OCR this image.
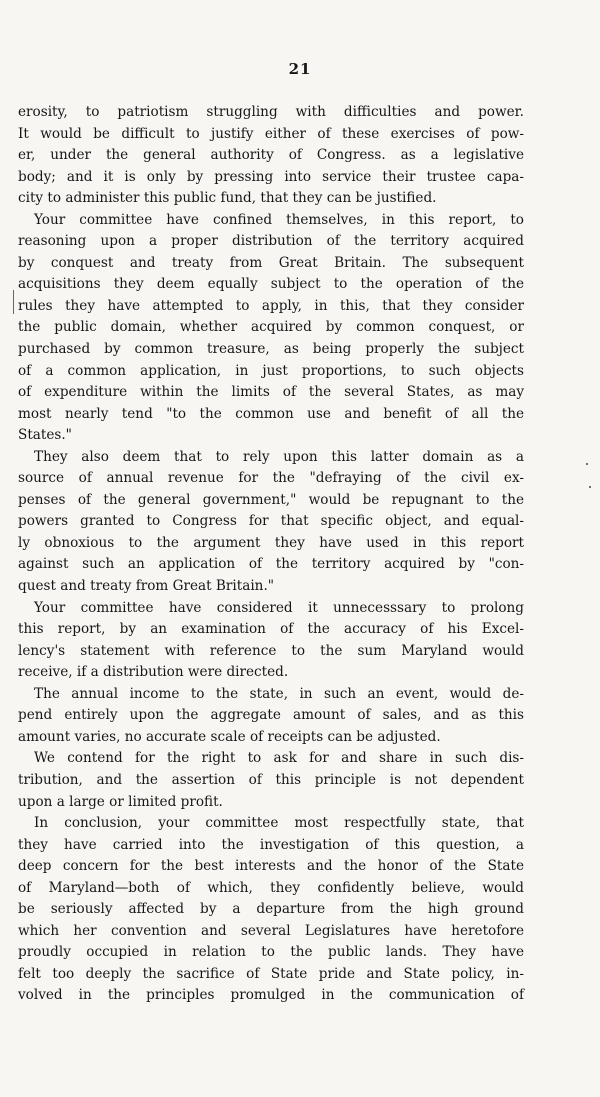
21
erosity, to patriotism struggling with difficulties and power.
It would be difficult to justify either of these exercises of pow-
er, under the general authority of Congress. as a legislative
body; and it is only by pressing into service their trustee capa-
city to administer this public fund, that they can be justified.
Your committee have confined themselves, in this report, to
reasoning upon a proper distribution of the territory acquired
by conquest and treaty from Great Britain. The subsequent
acquisitions they deem equally subject to the operation of the
rules they have attempted to apply, in this, that they consider
the public domain, whether acquired by common conquest, or
purchased by common treasure, as being properly the subject
of a common application, in just proportions, to such objects
of expenditure within the limits of the several States, as may
most nearly tend "to the common use and benefit of all the
States."
They also deem that to rely upon this latter domain as a
source of annual revenue for the "defraying of the civil ex-
penses of the general government," would be repugnant to the
powers granted to Congress for that specific object, and equal-
ly obnoxious to the argument they have used in this report
against such an application of the territory acquired by "con-
quest and treaty from Great Britain."
Your committee have considered it unnecesssary to prolong
this report, by an examination of the accuracy of his Excel-
lency's statement with reference to the sum Maryland would
receive, if a distribution were directed.
The annual income to the state, in such an event, would de-
pend entirely upon the aggregate amount of sales, and as this
amount varies, no accurate scale of receipts can be adjusted.
We contend for the right to ask for and share in such dis-
tribution, and the assertion of this principle is not dependent
upon a large or limited profit.
In conclusion, your committee most respectfully state, that
they have carried into the investigation of this question, a
deep concern for the best interests and the honor of the State
of Maryland—both of which, they confidently believe, would
be seriously affected by a departure from the high ground
which her convention and several Legislatures have heretofore
proudly occupied in relation to the public lands. They have
felt too deeply the sacrifice of State pride and State policy, in-
volved in the principles promulged in the communication of
